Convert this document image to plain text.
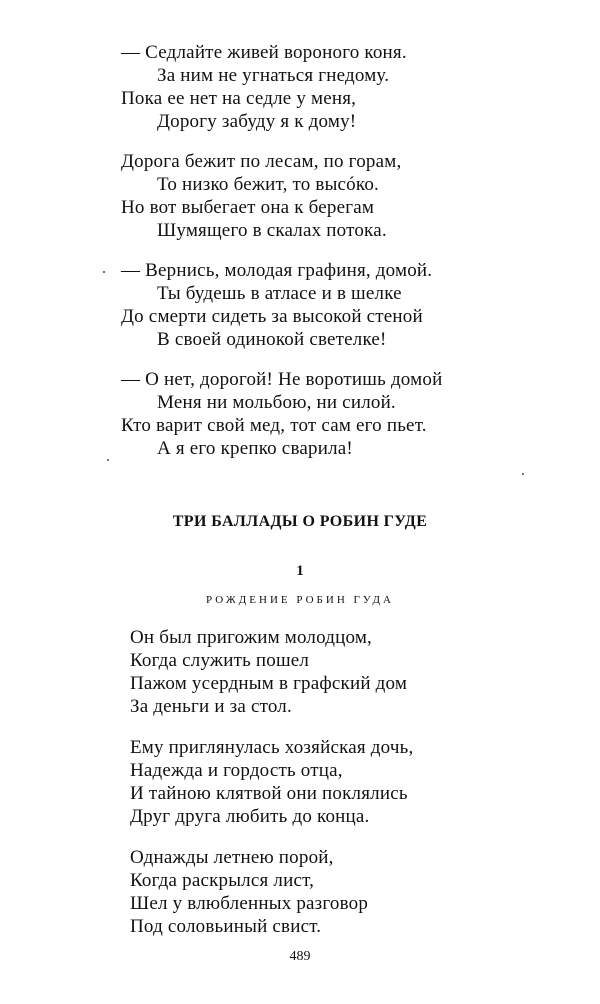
— Седлайте живей вороного коня.
За ним не угнаться гнедому.
Пока ее нет на седле у меня,
Дорогу забуду я к дому!
Дорога бежит по лесам, по горам,
То низко бежит, то высóко.
Но вот выбегает она к берегам
Шумящего в скалах потока.
— Вернись, молодая графиня, домой.
Ты будешь в атласе и в шелке
До смерти сидеть за высокой стеной
В своей одинокой светелке!
— О нет, дорогой! Не воротишь домой
Меня ни мольбою, ни силой.
Кто варит свой мед, тот сам его пьет.
А я его крепко сварила!
ТРИ БАЛЛАДЫ О РОБИН ГУДЕ
1
РОЖДЕНИЕ РОБИН ГУДА
Он был пригожим молодцом,
Когда служить пошел
Пажом усердным в графский дом
За деньги и за стол.
Ему приглянулась хозяйская дочь,
Надежда и гордость отца,
И тайною клятвой они поклялись
Друг друга любить до конца.
Однажды летнею порой,
Когда раскрылся лист,
Шел у влюбленных разговор
Под соловьиный свист.
489
